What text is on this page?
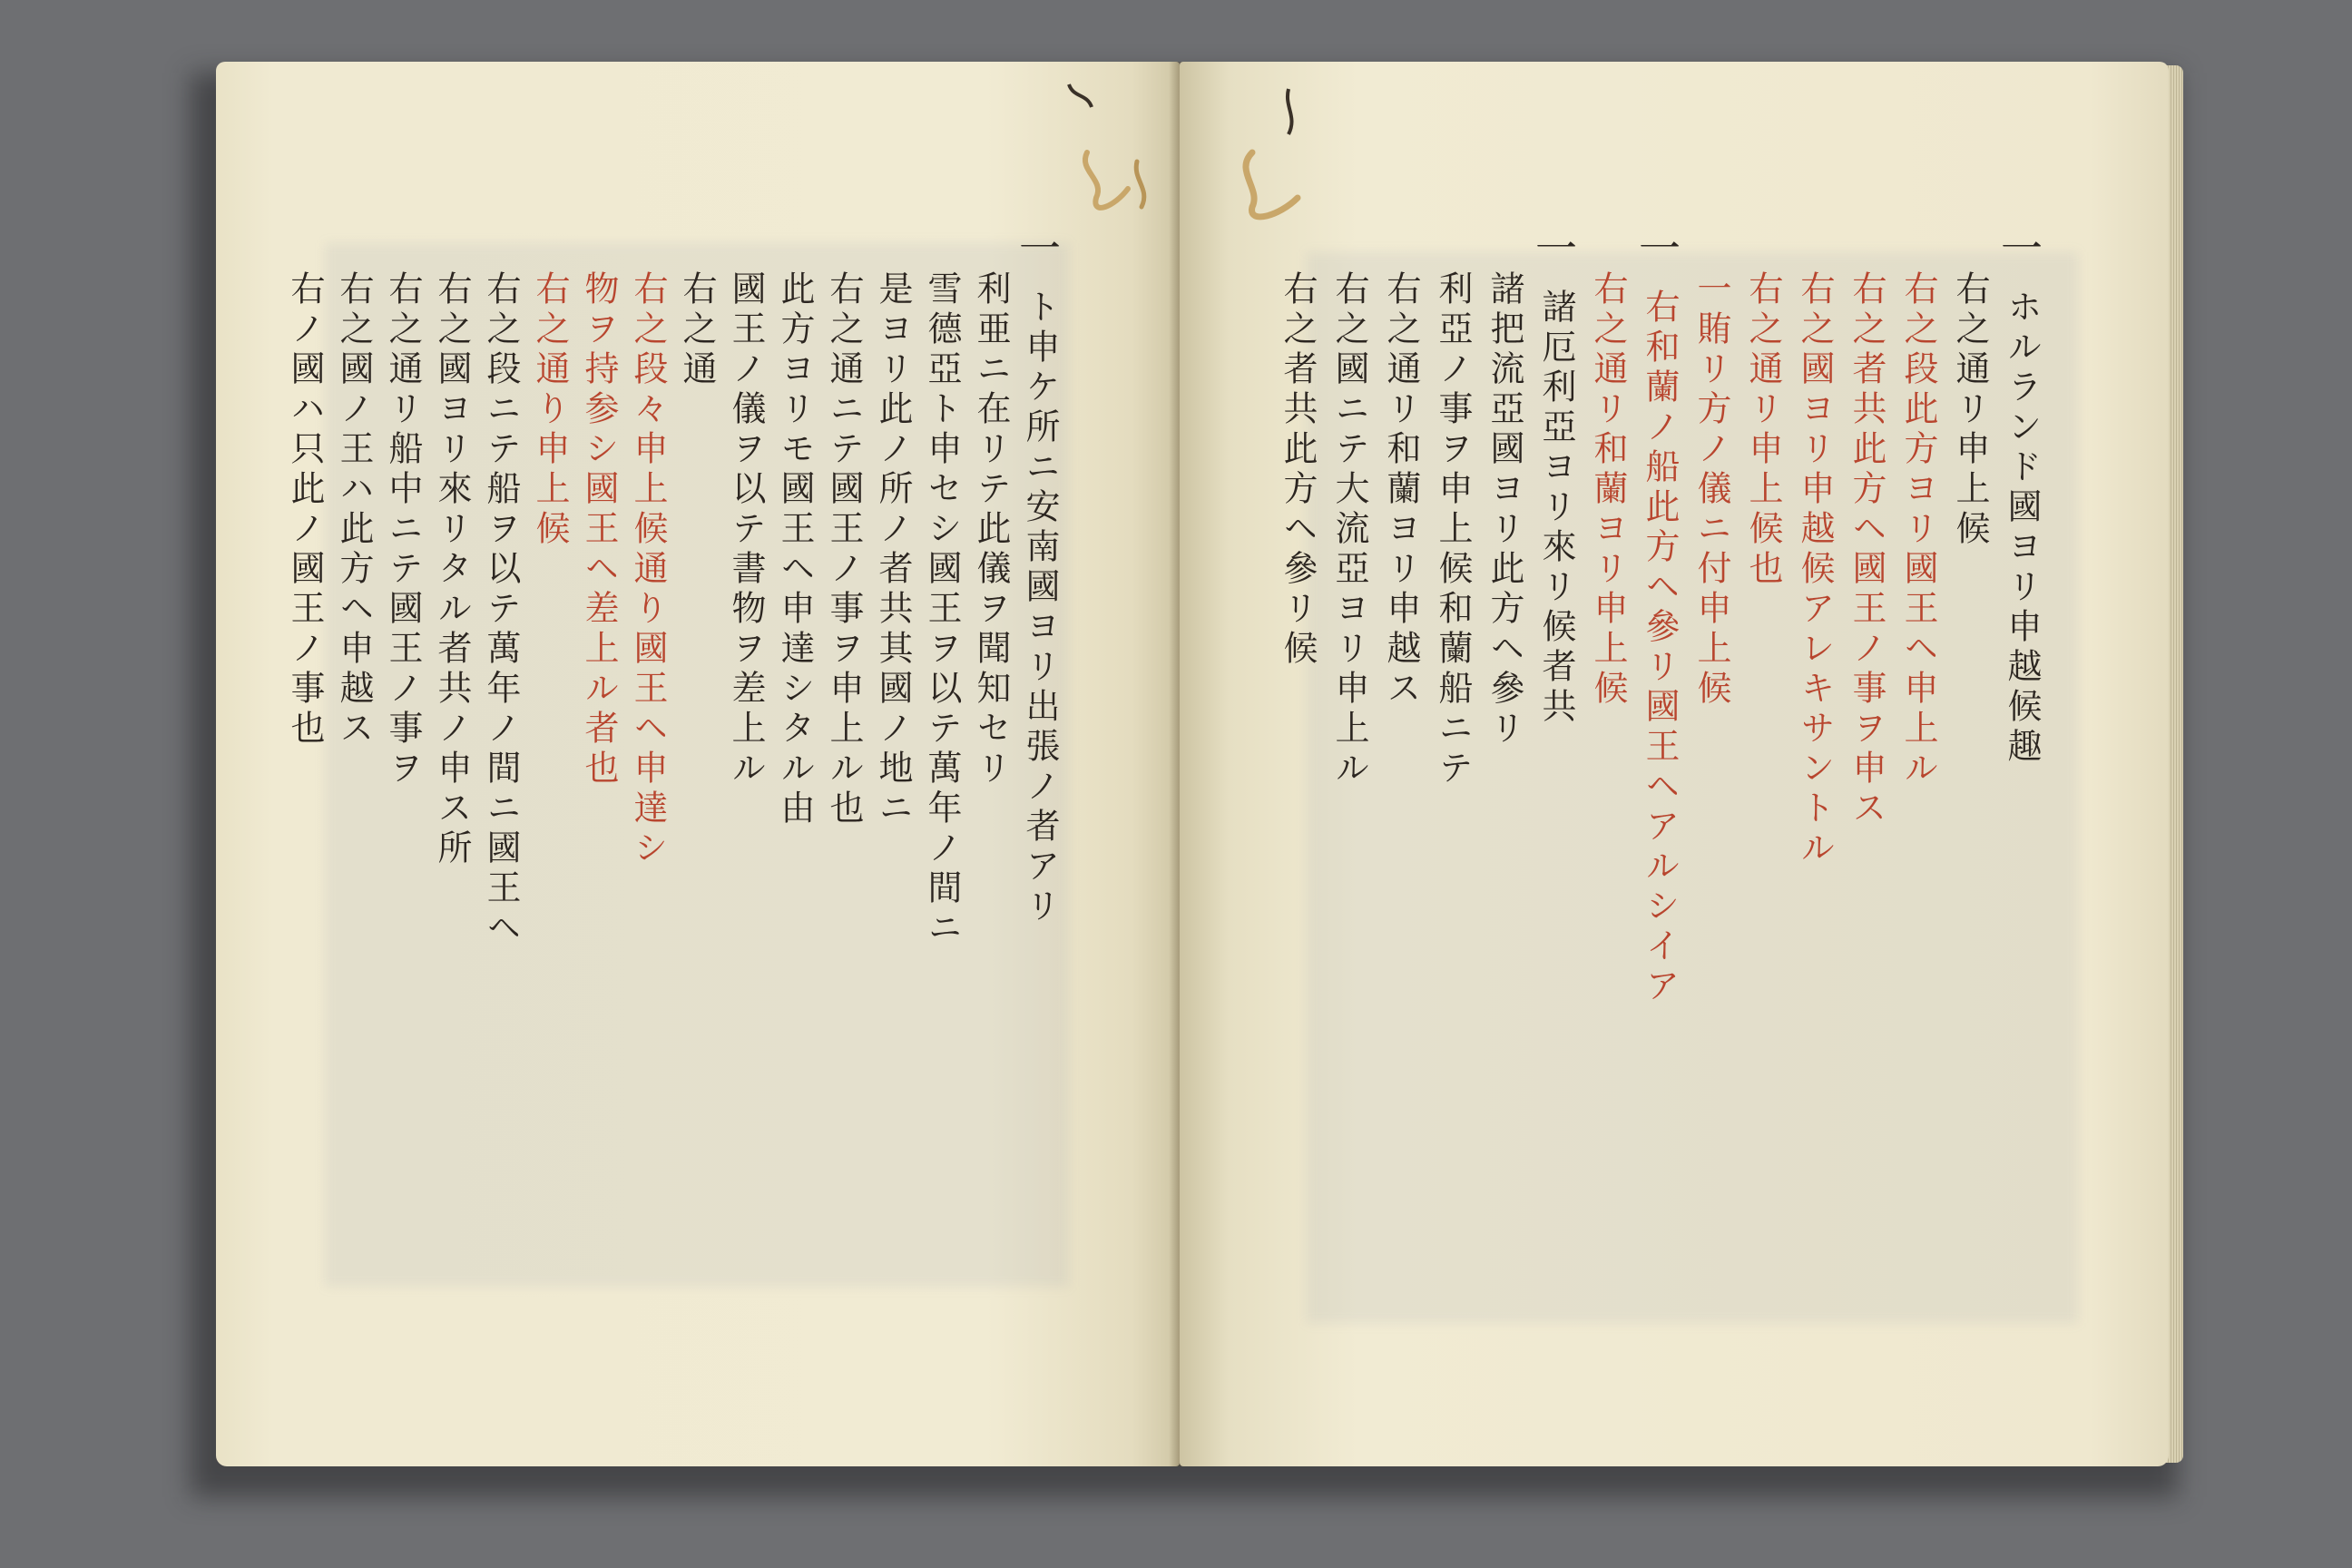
一
ト申ケ所ニ安南國ヨリ出張ノ者アリ
利亜ニ在リテ此儀ヲ聞知セリ
雪德亞ト申セシ國王ヲ以テ萬年ノ間ニ
是ヨリ此ノ所ノ者共其國ノ地ニ
右之通ニテ國王ノ事ヲ申上ル也
此方ヨリモ國王ヘ申達シタル由
國王ノ儀ヲ以テ書物ヲ差上ル
右之通
右之段々申上候通り國王ヘ申達シ
物ヲ持参シ國王ヘ差上ル者也
右之通り申上候
右之段ニテ船ヲ以テ萬年ノ間ニ國王ヘ
右之國ヨリ來リタル者共ノ申ス所
右之通リ船中ニテ國王ノ事ヲ
右之國ノ王ハ此方ヘ申越ス
右ノ國ハ只此ノ國王ノ事也
一
ホルランド國ヨリ申越候趣
右之通リ申上候
右之段此方ヨリ國王ヘ申上ル
右之者共此方ヘ國王ノ事ヲ申ス
右之國ヨリ申越候アレキサントル
右之通リ申上候也
一賄リ方ノ儀ニ付申上候
一
右和蘭ノ船此方ヘ參リ國王ヘアルシイア
右之通リ和蘭ヨリ申上候
一
諸厄利亞ヨリ來リ候者共
諸把流亞國ヨリ此方ヘ參リ
利亞ノ事ヲ申上候和蘭船ニテ
右之通リ和蘭ヨリ申越ス
右之國ニテ大流亞ヨリ申上ル
右之者共此方ヘ參リ候
